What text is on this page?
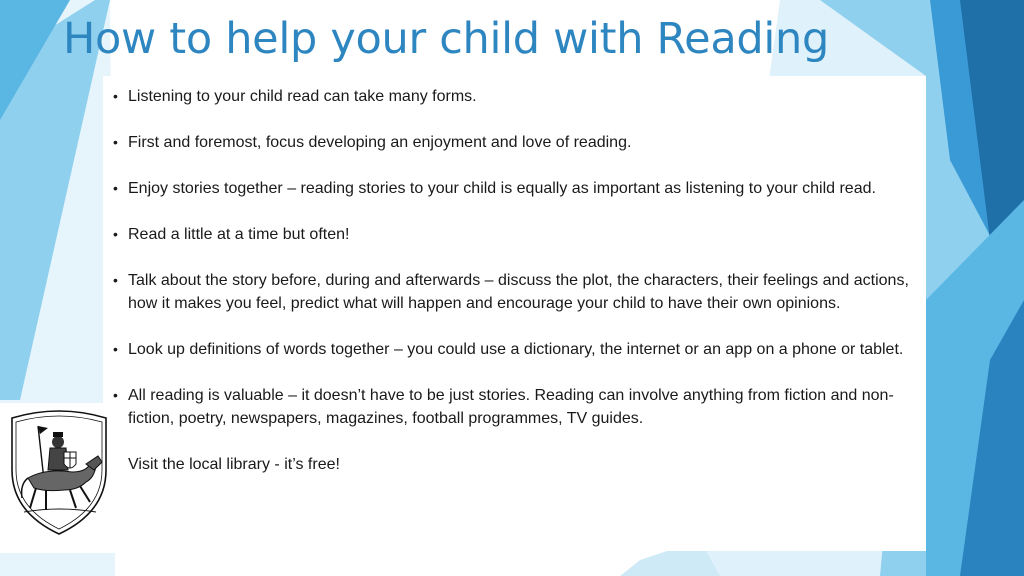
How to help your child with Reading
• Listening to your child read can take many forms.
• First and foremost, focus developing an enjoyment and love of reading.
• Enjoy stories together – reading stories to your child is equally as important as listening to your child read.
• Read a little at a time but often!
• Talk about the story before, during and afterwards – discuss the plot, the characters, their feelings and actions, how it makes you feel, predict what will happen and encourage your child to have their own opinions.
• Look up definitions of words together – you could use a dictionary, the internet or an app on a phone or tablet.
• All reading is valuable – it doesn’t have to be just stories. Reading can involve anything from fiction and non-fiction, poetry, newspapers, magazines, football programmes, TV guides.
Visit the local library - it’s free!
